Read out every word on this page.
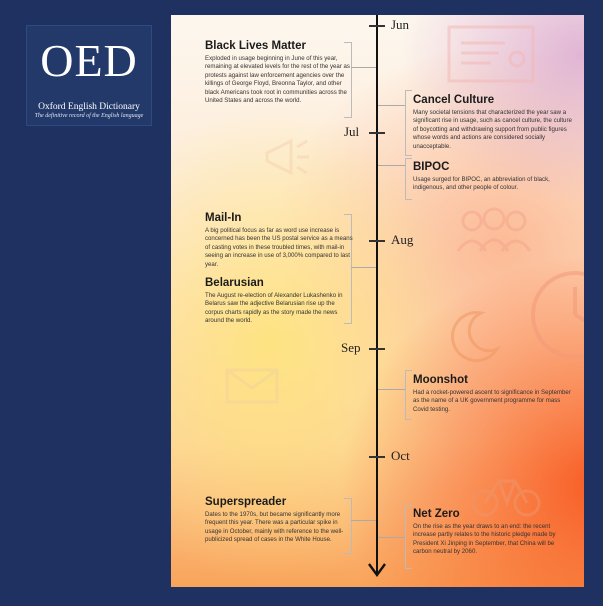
OED
Oxford English Dictionary
The definitive record of the English language
Jun
Jul
Aug
Sep
Oct
Black Lives Matter

Exploded in usage beginning in June of this year, remaining at elevated levels for the rest of the year as protests against law enforcement agencies over the killings of George Floyd, Breonna Taylor, and other black Americans took root in communities across the United States and across the world.	Cancel Culture

Many societal tensions that characterized the year saw a significant rise in usage, such as cancel culture, the culture of boycotting and withdrawing support from public figures whose words and actions are considered socially unacceptable.

BIPOC

Usage surged for BIPOC, an abbreviation of black, indigenous, and other people of colour.

Mail-In

A big political focus as far as word use increase is concerned has been the US postal service as a means of casting votes in these troubled times, with mail-in seeing an increase in use of 3,000% compared to last year.

Belarusian

The August re-election of Alexander Lukashenko in Belarus saw the adjective Belarusian rise up the corpus charts rapidly as the story made the news around the world.

Moonshot

Had a rocket-powered ascent to significance in September as the name of a UK government programme for mass Covid testing.

Superspreader

Dates to the 1970s, but became significantly more frequent this year. There was a particular spike in usage in October, mainly with reference to the well-publicized spread of cases in the White House.

Net Zero

On the rise as the year draws to an end: the recent increase partly relates to the historic pledge made by President Xi Jinping in September, that China will be carbon neutral by 2060.
